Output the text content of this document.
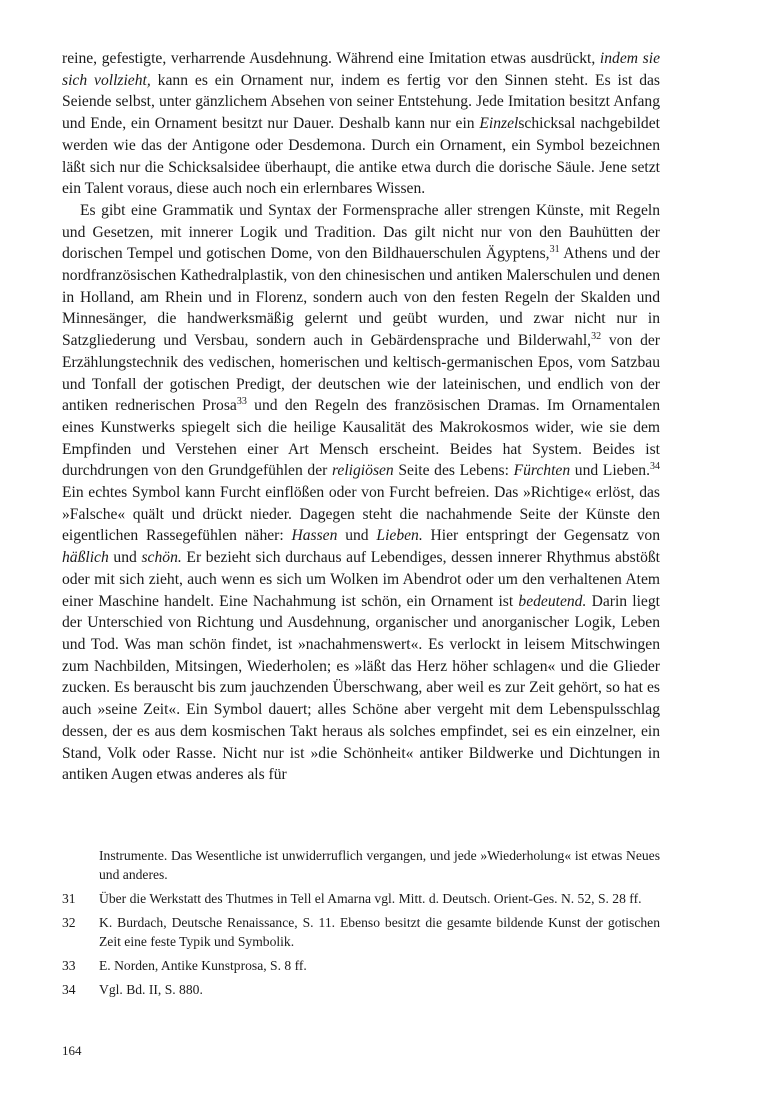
reine, gefestigte, verharrende Ausdehnung. Während eine Imitation etwas ausdrückt, indem sie sich vollzieht, kann es ein Ornament nur, indem es fertig vor den Sinnen steht. Es ist das Seiende selbst, unter gänzlichem Absehen von seiner Entstehung. Jede Imitation besitzt Anfang und Ende, ein Ornament besitzt nur Dauer. Deshalb kann nur ein Einzelschicksal nachgebildet werden wie das der Antigone oder Desdemona. Durch ein Ornament, ein Symbol bezeichnen läßt sich nur die Schicksalsidee überhaupt, die antike etwa durch die dorische Säule. Jene setzt ein Talent voraus, diese auch noch ein erlernbares Wissen.

Es gibt eine Grammatik und Syntax der Formensprache aller strengen Künste, mit Regeln und Gesetzen, mit innerer Logik und Tradition. Das gilt nicht nur von den Bauhütten der dorischen Tempel und gotischen Dome, von den Bildhauerschulen Ägyptens,$^{31}$ Athens und der nordfranzösischen Kathedralplastik, von den chinesischen und antiken Malerschulen und denen in Holland, am Rhein und in Florenz, sondern auch von den festen Regeln der Skalden und Minnesänger, die handwerksmäßig gelernt und geübt wurden, und zwar nicht nur in Satzgliederung und Versbau, sondern auch in Gebärdensprache und Bilderwahl,$^{32}$ von der Erzählungstechnik des vedischen, homerischen und keltisch-germanischen Epos, vom Satzbau und Tonfall der gotischen Predigt, der deutschen wie der lateinischen, und endlich von der antiken rednerischen Prosa$^{33}$ und den Regeln des französischen Dramas. Im Ornamentalen eines Kunstwerks spiegelt sich die heilige Kausalität des Makrokosmos wider, wie sie dem Empfinden und Verstehen einer Art Mensch erscheint. Beides hat System. Beides ist durchdrungen von den Grundgefühlen der religiösen Seite des Lebens: Fürchten und Lieben.$^{34}$ Ein echtes Symbol kann Furcht einflößen oder von Furcht befreien. Das »Richtige« erlöst, das »Falsche« quält und drückt nieder. Dagegen steht die nachahmende Seite der Künste den eigentlichen Rassegefühlen näher: Hassen und Lieben. Hier entspringt der Gegensatz von häßlich und schön. Er bezieht sich durchaus auf Lebendiges, dessen innerer Rhythmus abstößt oder mit sich zieht, auch wenn es sich um Wolken im Abendrot oder um den verhaltenen Atem einer Maschine handelt. Eine Nachahmung ist schön, ein Ornament ist bedeutend. Darin liegt der Unterschied von Richtung und Ausdehnung, organischer und anorganischer Logik, Leben und Tod. Was man schön findet, ist »nachahmenswert«. Es verlockt in leisem Mitschwingen zum Nachbilden, Mitsingen, Wiederholen; es »läßt das Herz höher schlagen« und die Glieder zucken. Es berauscht bis zum jauchzenden Überschwang, aber weil es zur Zeit gehört, so hat es auch »seine Zeit«. Ein Symbol dauert; alles Schöne aber vergeht mit dem Lebenspulsschlag dessen, der es aus dem kosmischen Takt heraus als solches empfindet, sei es ein einzelner, ein Stand, Volk oder Rasse. Nicht nur ist »die Schönheit« antiker Bildwerke und Dichtungen in antiken Augen etwas anderes als für

Instrumente. Das Wesentliche ist unwiderruflich vergangen, und jede »Wiederholung« ist etwas Neues und anderes.
31	Über die Werkstatt des Thutmes in Tell el Amarna vgl. Mitt. d. Deutsch. Orient-Ges. N. 52, S. 28 ff.
32	K. Burdach, Deutsche Renaissance, S. 11. Ebenso besitzt die gesamte bildende Kunst der gotischen Zeit eine feste Typik und Symbolik.
33	E. Norden, Antike Kunstprosa, S. 8 ff.
34	Vgl. Bd. II, S. 880.
164
